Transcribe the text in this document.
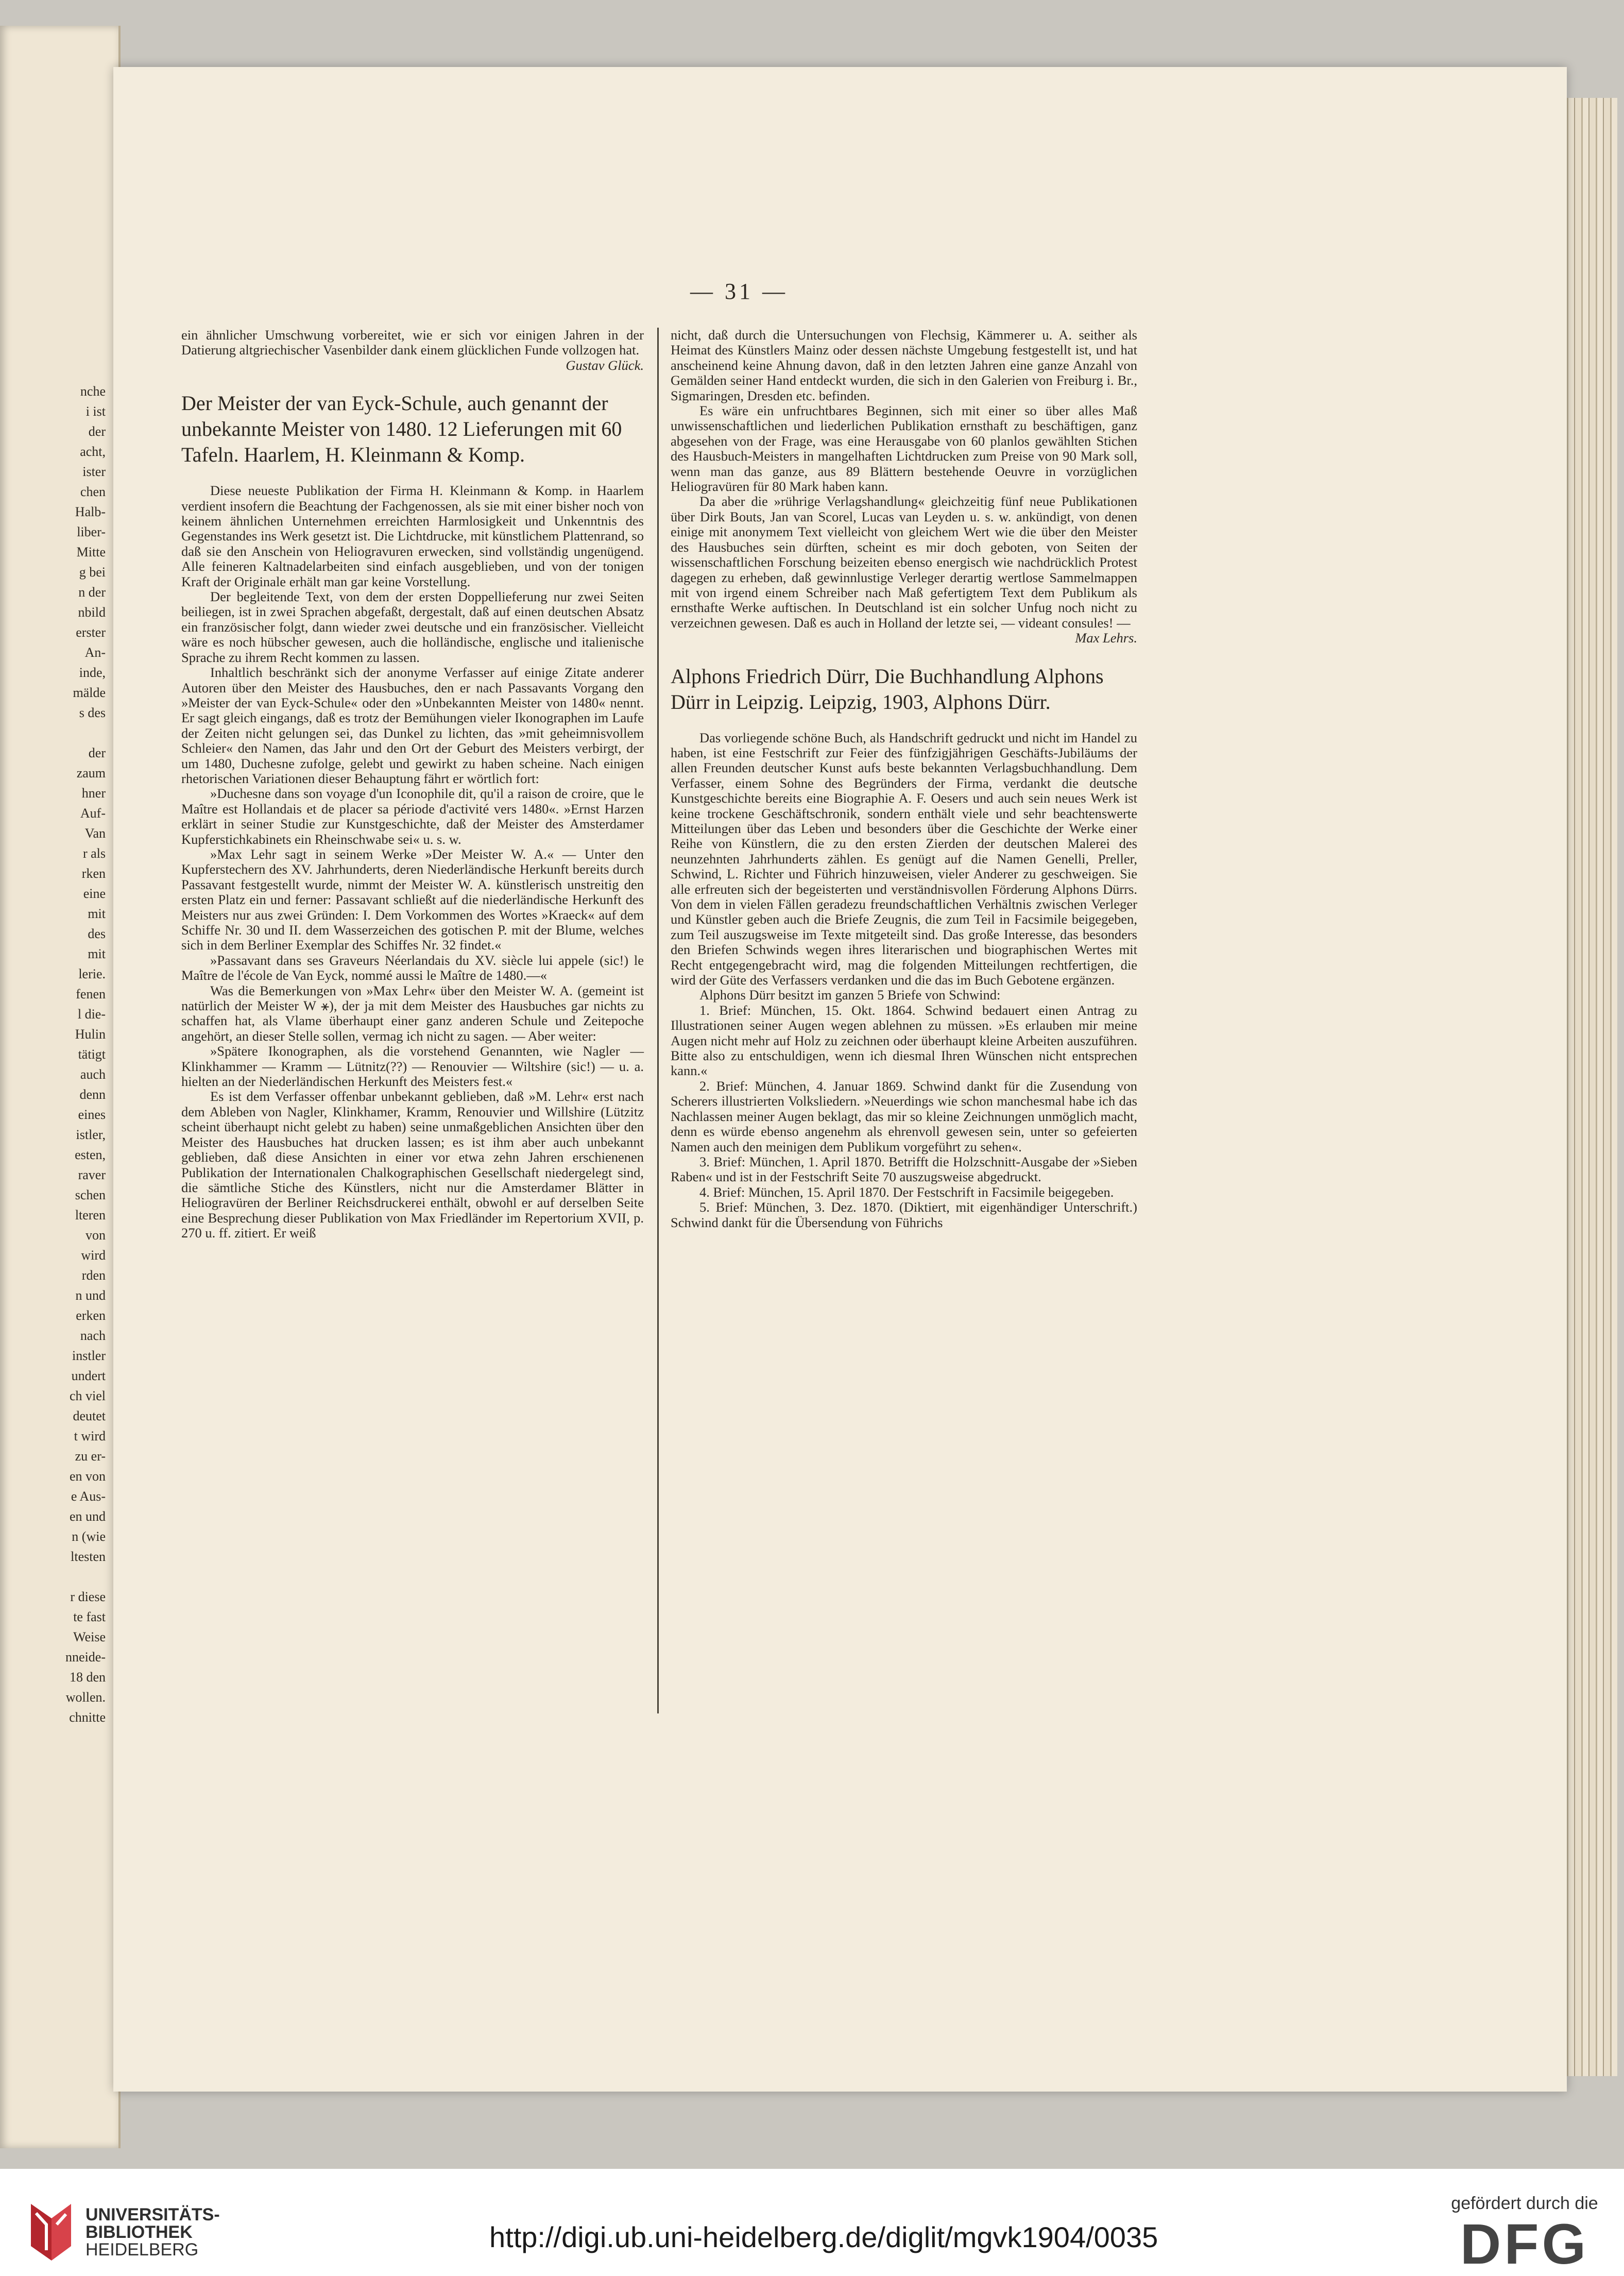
nche
i ist
der
acht,
ister
chen
Halb-
liber-
Mitte
g bei
n der
nbild
erster
An-
inde,
mälde
s des
der
zaum
hner
Auf-
Van
r als
rken
eine
mit
des
mit
lerie.
fenen
l die-
Hulin
tätigt
auch
denn
eines
istler,
esten,
raver
schen
lteren
von
wird
rden
n und
erken
nach
instler
undert
ch viel
deutet
t wird
zu er-
en von
e Aus-
en und
n (wie
ltesten
r diese
te fast
Weise
nneide-
18 den
wollen.
chnitte
— 31 —

ein ähnlicher Umschwung vorbereitet, wie er sich vor einigen Jahren in der Datierung altgriechischer Vasenbilder dank einem glücklichen Funde vollzogen hat.

Gustav Glück.

Der Meister der van Eyck-Schule, auch genannt der unbekannte Meister von 1480. 12 Lieferungen mit 60 Tafeln. Haarlem, H. Kleinmann & Komp.

Diese neueste Publikation der Firma H. Kleinmann & Komp. in Haarlem verdient insofern die Beachtung der Fachgenossen, als sie mit einer bisher noch von keinem ähnlichen Unternehmen erreichten Harmlosigkeit und Unkenntnis des Gegenstandes ins Werk gesetzt ist. Die Lichtdrucke, mit künstlichem Plattenrand, so daß sie den Anschein von Heliogravuren erwecken, sind vollständig ungenügend. Alle feineren Kaltnadelarbeiten sind einfach ausgeblieben, und von der tonigen Kraft der Originale erhält man gar keine Vorstellung.

Der begleitende Text, von dem der ersten Doppellieferung nur zwei Seiten beiliegen, ist in zwei Sprachen abgefaßt, dergestalt, daß auf einen deutschen Absatz ein französischer folgt, dann wieder zwei deutsche und ein französischer. Vielleicht wäre es noch hübscher gewesen, auch die holländische, englische und italienische Sprache zu ihrem Recht kommen zu lassen.

Inhaltlich beschränkt sich der anonyme Verfasser auf einige Zitate anderer Autoren über den Meister des Hausbuches, den er nach Passavants Vorgang den »Meister der van Eyck-Schule« oder den »Unbekannten Meister von 1480« nennt. Er sagt gleich eingangs, daß es trotz der Bemühungen vieler Ikonographen im Laufe der Zeiten nicht gelungen sei, das Dunkel zu lichten, das »mit geheimnisvollem Schleier« den Namen, das Jahr und den Ort der Geburt des Meisters verbirgt, der um 1480, Duchesne zufolge, gelebt und gewirkt zu haben scheine. Nach einigen rhetorischen Variationen dieser Behauptung fährt er wörtlich fort:

»Duchesne dans son voyage d'un Iconophile dit, qu'il a raison de croire, que le Maître est Hollandais et de placer sa période d'activité vers 1480«. »Ernst Harzen erklärt in seiner Studie zur Kunstgeschichte, daß der Meister des Amsterdamer Kupferstichkabinets ein Rheinschwabe sei« u. s. w.

»Max Lehr sagt in seinem Werke »Der Meister W. A.« — Unter den Kupferstechern des XV. Jahrhunderts, deren Niederländische Herkunft bereits durch Passavant festgestellt wurde, nimmt der Meister W. A. künstlerisch unstreitig den ersten Platz ein und ferner: Passavant schließt auf die niederländische Herkunft des Meisters nur aus zwei Gründen: I. Dem Vorkommen des Wortes »Kraeck« auf dem Schiffe Nr. 30 und II. dem Wasserzeichen des gotischen P. mit der Blume, welches sich in dem Berliner Exemplar des Schiffes Nr. 32 findet.«

»Passavant dans ses Graveurs Néerlandais du XV. siècle lui appele (sic!) le Maître de l'école de Van Eyck, nommé aussi le Maître de 1480.—«

Was die Bemerkungen von »Max Lehr« über den Meister W. A. (gemeint ist natürlich der Meister W ⚹), der ja mit dem Meister des Hausbuches gar nichts zu schaffen hat, als Vlame überhaupt einer ganz anderen Schule und Zeitepoche angehört, an dieser Stelle sollen, vermag ich nicht zu sagen. — Aber weiter:

»Spätere Ikonographen, als die vorstehend Genannten, wie Nagler — Klinkhammer — Kramm — Lütnitz(??) — Renouvier — Wiltshire (sic!) — u. a. hielten an der Niederländischen Herkunft des Meisters fest.«

Es ist dem Verfasser offenbar unbekannt geblieben, daß »M. Lehr« erst nach dem Ableben von Nagler, Klinkhamer, Kramm, Renouvier und Willshire (Lützitz scheint überhaupt nicht gelebt zu haben) seine unmaßgeblichen Ansichten über den Meister des Hausbuches hat drucken lassen; es ist ihm aber auch unbekannt geblieben, daß diese Ansichten in einer vor etwa zehn Jahren erschienenen Publikation der Internationalen Chalkographischen Gesellschaft niedergelegt sind, die sämtliche Stiche des Künstlers, nicht nur die Amsterdamer Blätter in Heliogravüren der Berliner Reichsdruckerei enthält, obwohl er auf derselben Seite eine Besprechung dieser Publikation von Max Friedländer im Repertorium XVII, p. 270 u. ff. zitiert. Er weiß

nicht, daß durch die Untersuchungen von Flechsig, Kämmerer u. A. seither als Heimat des Künstlers Mainz oder dessen nächste Umgebung festgestellt ist, und hat anscheinend keine Ahnung davon, daß in den letzten Jahren eine ganze Anzahl von Gemälden seiner Hand entdeckt wurden, die sich in den Galerien von Freiburg i. Br., Sigmaringen, Dresden etc. befinden.

Es wäre ein unfruchtbares Beginnen, sich mit einer so über alles Maß unwissenschaftlichen und liederlichen Publikation ernsthaft zu beschäftigen, ganz abgesehen von der Frage, was eine Herausgabe von 60 planlos gewählten Stichen des Hausbuch-Meisters in mangelhaften Lichtdrucken zum Preise von 90 Mark soll, wenn man das ganze, aus 89 Blättern bestehende Oeuvre in vorzüglichen Heliogravüren für 80 Mark haben kann.

Da aber die »rührige Verlagshandlung« gleichzeitig fünf neue Publikationen über Dirk Bouts, Jan van Scorel, Lucas van Leyden u. s. w. ankündigt, von denen einige mit anonymem Text vielleicht von gleichem Wert wie die über den Meister des Hausbuches sein dürften, scheint es mir doch geboten, von Seiten der wissenschaftlichen Forschung beizeiten ebenso energisch wie nachdrücklich Protest dagegen zu erheben, daß gewinnlustige Verleger derartig wertlose Sammelmappen mit von irgend einem Schreiber nach Maß gefertigtem Text dem Publikum als ernsthafte Werke auftischen. In Deutschland ist ein solcher Unfug noch nicht zu verzeichnen gewesen. Daß es auch in Holland der letzte sei, — videant consules! —

Max Lehrs.

Alphons Friedrich Dürr, Die Buchhandlung Alphons Dürr in Leipzig. Leipzig, 1903, Alphons Dürr.

Das vorliegende schöne Buch, als Handschrift gedruckt und nicht im Handel zu haben, ist eine Festschrift zur Feier des fünfzigjährigen Geschäfts-Jubiläums der allen Freunden deutscher Kunst aufs beste bekannten Verlagsbuchhandlung. Dem Verfasser, einem Sohne des Begründers der Firma, verdankt die deutsche Kunstgeschichte bereits eine Biographie A. F. Oesers und auch sein neues Werk ist keine trockene Geschäftschronik, sondern enthält viele und sehr beachtenswerte Mitteilungen über das Leben und besonders über die Geschichte der Werke einer Reihe von Künstlern, die zu den ersten Zierden der deutschen Malerei des neunzehnten Jahrhunderts zählen. Es genügt auf die Namen Genelli, Preller, Schwind, L. Richter und Führich hinzuweisen, vieler Anderer zu geschweigen. Sie alle erfreuten sich der begeisterten und verständnisvollen Förderung Alphons Dürrs. Von dem in vielen Fällen geradezu freundschaftlichen Verhältnis zwischen Verleger und Künstler geben auch die Briefe Zeugnis, die zum Teil in Facsimile beigegeben, zum Teil auszugsweise im Texte mitgeteilt sind. Das große Interesse, das besonders den Briefen Schwinds wegen ihres literarischen und biographischen Wertes mit Recht entgegengebracht wird, mag die folgenden Mitteilungen rechtfertigen, die wird der Güte des Verfassers verdanken und die das im Buch Gebotene ergänzen.

Alphons Dürr besitzt im ganzen 5 Briefe von Schwind:

1. Brief: München, 15. Okt. 1864. Schwind bedauert einen Antrag zu Illustrationen seiner Augen wegen ablehnen zu müssen. »Es erlauben mir meine Augen nicht mehr auf Holz zu zeichnen oder überhaupt kleine Arbeiten auszuführen. Bitte also zu entschuldigen, wenn ich diesmal Ihren Wünschen nicht entsprechen kann.«

2. Brief: München, 4. Januar 1869. Schwind dankt für die Zusendung von Scherers illustrierten Volksliedern. »Neuerdings wie schon manchesmal habe ich das Nachlassen meiner Augen beklagt, das mir so kleine Zeichnungen unmöglich macht, denn es würde ebenso angenehm als ehrenvoll gewesen sein, unter so gefeierten Namen auch den meinigen dem Publikum vorgeführt zu sehen«.

3. Brief: München, 1. April 1870. Betrifft die Holzschnitt-Ausgabe der »Sieben Raben« und ist in der Festschrift Seite 70 auszugsweise abgedruckt.

4. Brief: München, 15. April 1870. Der Festschrift in Facsimile beigegeben.

5. Brief: München, 3. Dez. 1870. (Diktiert, mit eigenhändiger Unterschrift.) Schwind dankt für die Übersendung von Führichs

UNIVERSITÄTS-
BIBLIOTHEK
HEIDELBERG	http://digi.ub.uni-heidelberg.de/diglit/mgvk1904/0035
gefördert durch die
DFG
